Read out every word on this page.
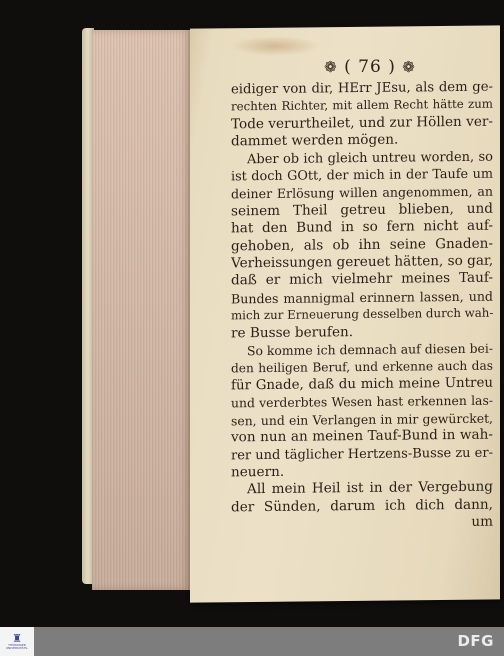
❁ ( 76 ) ❁
eidiger von dir, HErr JEsu, als dem ge-
rechten Richter, mit allem Recht hätte zum
Tode verurtheilet, und zur Höllen ver-
dammet werden mögen.
Aber ob ich gleich untreu worden, so
ist doch GOtt, der mich in der Taufe um
deiner Erlösung willen angenommen, an
seinem Theil getreu blieben, und
hat den Bund in so fern nicht auf-
gehoben, als ob ihn seine Gnaden-
Verheissungen gereuet hätten, so gar,
daß er mich vielmehr meines Tauf-
Bundes mannigmal erinnern lassen, und
mich zur Erneuerung desselben durch wah-
re Busse berufen.
So komme ich demnach auf diesen bei-
den heiligen Beruf, und erkenne auch das
für Gnade, daß du mich meine Untreu
und verderbtes Wesen hast erkennen las-
sen, und ein Verlangen in mir gewürcket,
von nun an meinen Tauf-Bund in wah-
rer und täglicher Hertzens-Busse zu er-
neuern.
All mein Heil ist in der Vergebung
der Sünden, darum ich dich dann,
um
♜
THÜRINGER
UNIVERSITÄTS-	DFG
